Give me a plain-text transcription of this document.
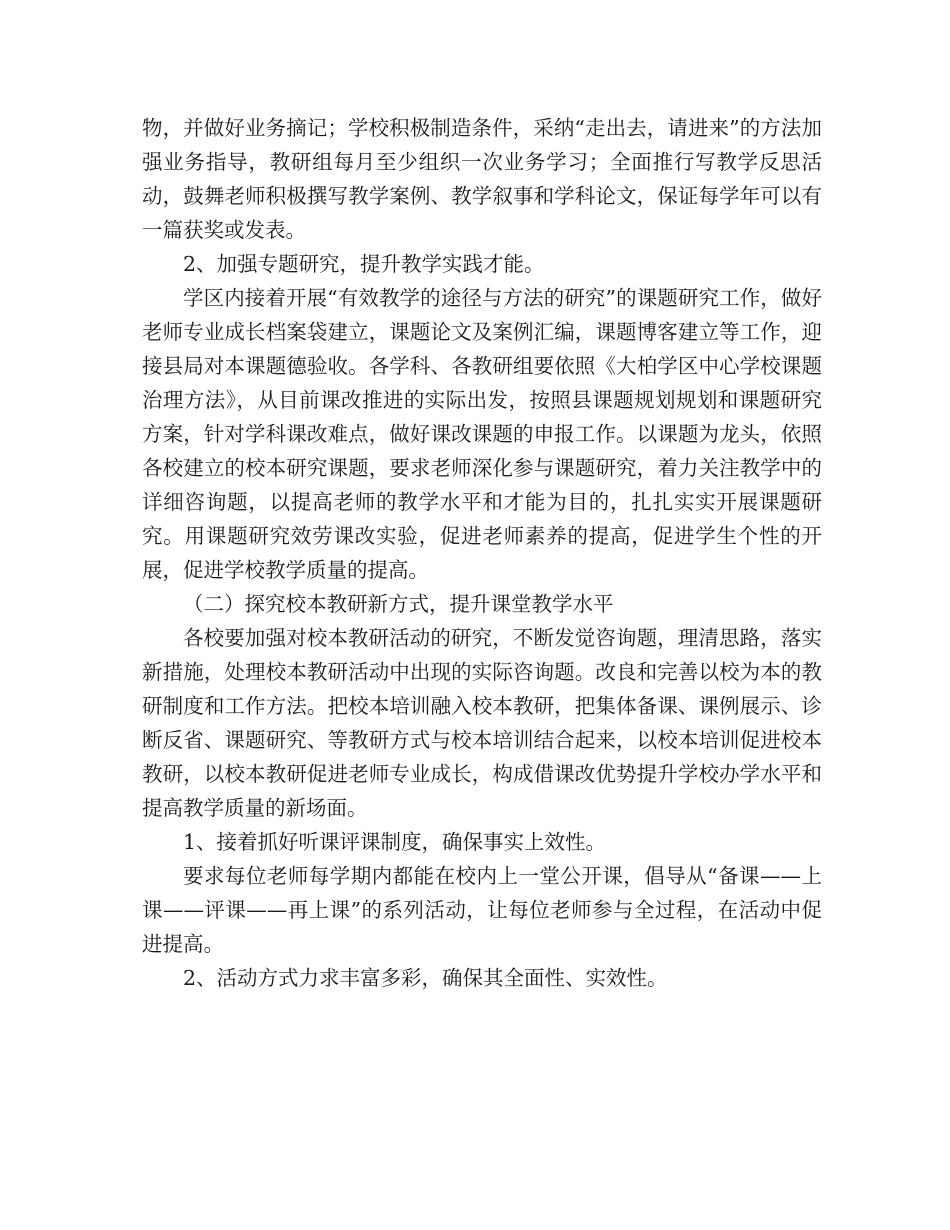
物，并做好业务摘记；学校积极制造条件，采纳“走出去，请进来”的方法加强业务指导，教研组每月至少组织一次业务学习；全面推行写教学反思活动，鼓舞老师积极撰写教学案例、教学叙事和学科论文，保证每学年可以有一篇获奖或发表。

2、加强专题研究，提升教学实践才能。

学区内接着开展“有效教学的途径与方法的研究”的课题研究工作，做好老师专业成长档案袋建立，课题论文及案例汇编，课题博客建立等工作，迎接县局对本课题德验收。各学科、各教研组要依照《大柏学区中心学校课题治理方法》，从目前课改推进的实际出发，按照县课题规划规划和课题研究方案，针对学科课改难点，做好课改课题的申报工作。以课题为龙头，依照各校建立的校本研究课题，要求老师深化参与课题研究，着力关注教学中的详细咨询题，以提高老师的教学水平和才能为目的，扎扎实实开展课题研究。用课题研究效劳课改实验，促进老师素养的提高，促进学生个性的开展，促进学校教学质量的提高。

（二）探究校本教研新方式，提升课堂教学水平

各校要加强对校本教研活动的研究，不断发觉咨询题，理清思路，落实新措施，处理校本教研活动中出现的实际咨询题。改良和完善以校为本的教研制度和工作方法。把校本培训融入校本教研，把集体备课、课例展示、诊断反省、课题研究、等教研方式与校本培训结合起来，以校本培训促进校本教研，以校本教研促进老师专业成长，构成借课改优势提升学校办学水平和提高教学质量的新场面。

1、接着抓好听课评课制度，确保事实上效性。

要求每位老师每学期内都能在校内上一堂公开课，倡导从“备课——上课——评课——再上课”的系列活动，让每位老师参与全过程，在活动中促进提高。

2、活动方式力求丰富多彩，确保其全面性、实效性。
